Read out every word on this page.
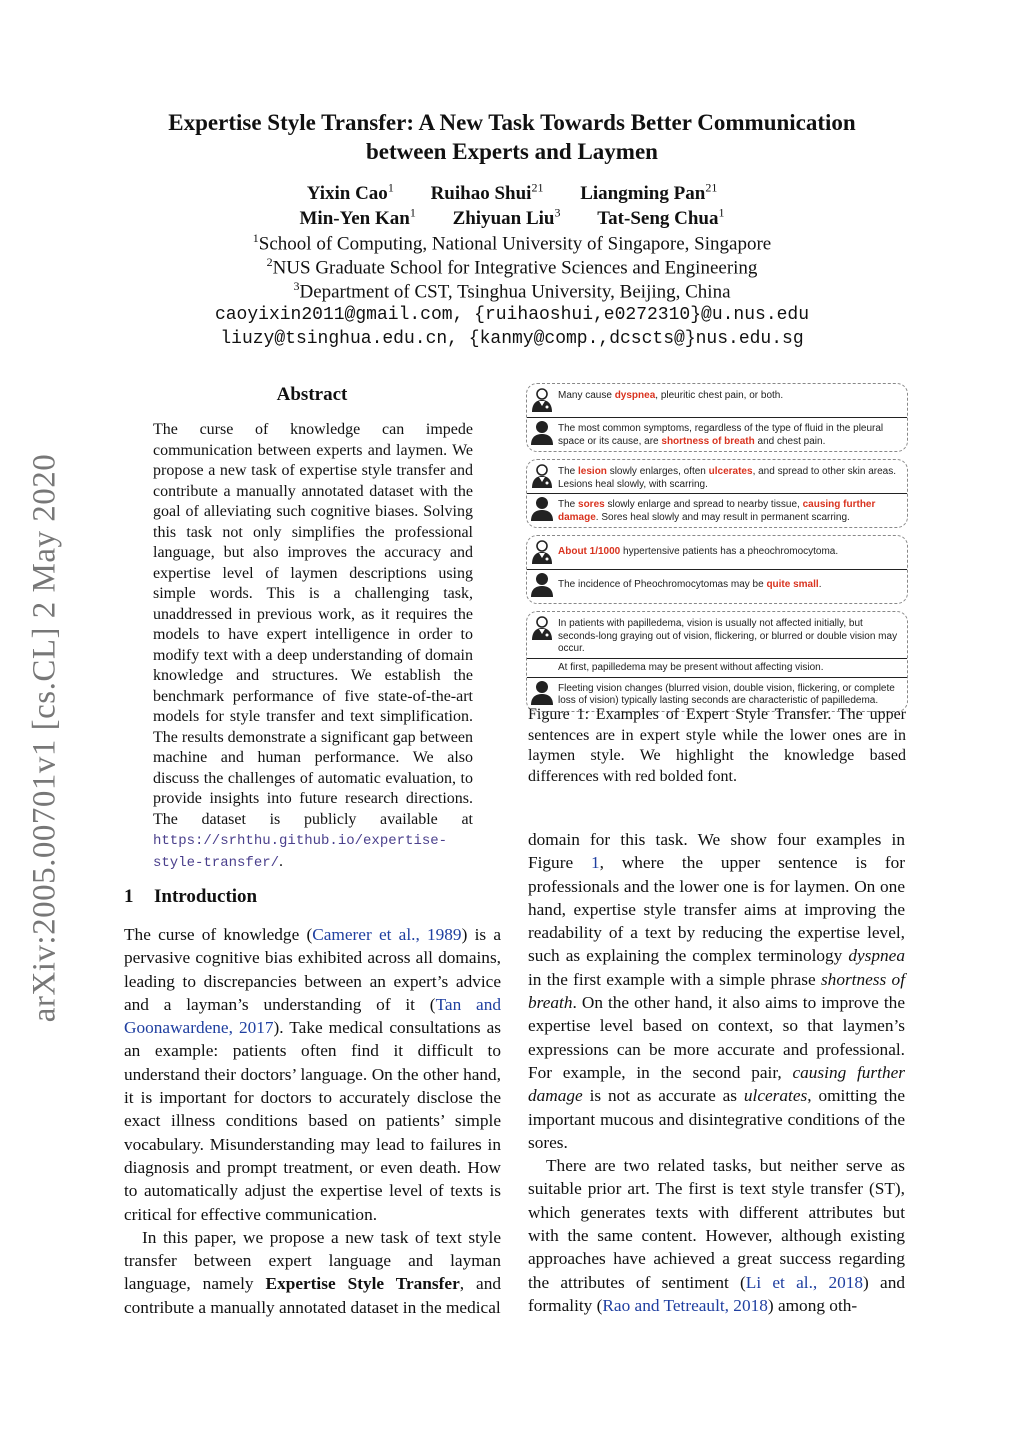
arXiv:2005.00701v1 [cs.CL] 2 May 2020
Expertise Style Transfer: A New Task Towards Better Communication
between Experts and Laymen
Yixin Cao$^1$ Ruihao Shui$^{21}$ Liangming Pan$^{21}$
Min-Yen Kan$^1$ Zhiyuan Liu$^3$ Tat-Seng Chua$^1$
$^1$School of Computing, National University of Singapore, Singapore
$^2$NUS Graduate School for Integrative Sciences and Engineering
$^3$Department of CST, Tsinghua University, Beijing, China
caoyixin2011@gmail.com, {ruihaoshui,e0272310}@u.nus.edu
liuzy@tsinghua.edu.cn, {kanmy@comp.,dcscts@}nus.edu.sg
Abstract
The curse of knowledge can impede communication between experts and laymen. We propose a new task of expertise style transfer and contribute a manually annotated dataset with the goal of alleviating such cognitive biases. Solving this task not only simplifies the professional language, but also improves the accuracy and expertise level of laymen descriptions using simple words. This is a challenging task, unaddressed in previous work, as it requires the models to have expert intelligence in order to modify text with a deep understanding of domain knowledge and structures. We establish the benchmark performance of five state-of-the-art models for style transfer and text simplification. The results demonstrate a significant gap between machine and human performance. We also discuss the challenges of automatic evaluation, to provide insights into future research directions. The dataset is publicly available at https://srhthu.github.io/expertise-style-transfer/.
1 Introduction

The curse of knowledge (Camerer et al., 1989) is a pervasive cognitive bias exhibited across all domains, leading to discrepancies between an expert’s advice and a layman’s understanding of it (Tan and Goonawardene, 2017). Take medical consultations as an example: patients often find it difficult to understand their doctors’ language. On the other hand, it is important for doctors to accurately disclose the exact illness conditions based on patients’ simple vocabulary. Misunderstanding may lead to failures in diagnosis and prompt treatment, or even death. How to automatically adjust the expertise level of texts is critical for effective communication.

In this paper, we propose a new task of text style transfer between expert language and layman language, namely Expertise Style Transfer, and contribute a manually annotated dataset in the medical

Many cause dyspnea, pleuritic chest pain, or both.
The most common symptoms, regardless of the type of fluid in the pleural space or its cause, are shortness of breath and chest pain.
The lesion slowly enlarges, often ulcerates, and spread to other skin areas. Lesions heal slowly, with scarring.
The sores slowly enlarge and spread to nearby tissue, causing further damage. Sores heal slowly and may result in permanent scarring.
About 1/1000 hypertensive patients has a pheochromocytoma.
The incidence of Pheochromocytomas may be quite small.
In patients with papilledema, vision is usually not affected initially, but seconds-long graying out of vision, flickering, or blurred or double vision may occur.
At first, papilledema may be present without affecting vision.
Fleeting vision changes (blurred vision, double vision, flickering, or complete loss of vision) typically lasting seconds are characteristic of papilledema.
Figure 1: Examples of Expert Style Transfer. The upper sentences are in expert style while the lower ones are in laymen style. We highlight the knowledge based differences with red bolded font.

domain for this task. We show four examples in Figure 1, where the upper sentence is for professionals and the lower one is for laymen. On one hand, expertise style transfer aims at improving the readability of a text by reducing the expertise level, such as explaining the complex terminology dyspnea in the first example with a simple phrase shortness of breath. On the other hand, it also aims to improve the expertise level based on context, so that laymen’s expressions can be more accurate and professional. For example, in the second pair, causing further damage is not as accurate as ulcerates, omitting the important mucous and disintegrative conditions of the sores.

There are two related tasks, but neither serve as suitable prior art. The first is text style transfer (ST), which generates texts with different attributes but with the same content. However, although existing approaches have achieved a great success regarding the attributes of sentiment (Li et al., 2018) and formality (Rao and Tetreault, 2018) among oth-
